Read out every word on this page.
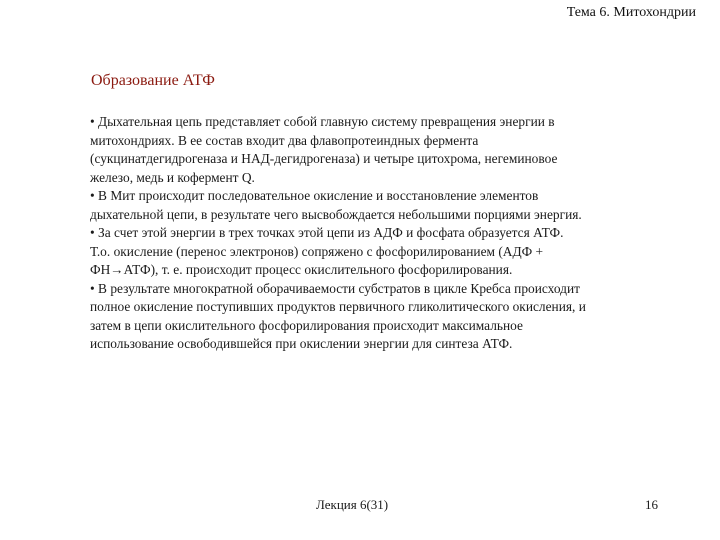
Тема 6. Митохондрии
Образование АТФ
• Дыхательная цепь представляет собой главную систему превращения энергии в
митохондриях. В ее состав входит два флавопротеиндных фермента
(сукцинатдегидрогеназа и НАД-дегидрогеназа) и четыре цитохрома, негеминовое
железо, медь и кофермент Q.
• В Мит происходит последовательное окисление и восстановление элементов
дыхательной цепи, в результате чего высвобождается небольшими порциями энергия.
• За счет этой энергии в трех точках этой цепи из АДФ и фосфата образуется АТФ.
Т.о. окисление (перенос электронов) сопряжено с фосфорилированием (АДФ +
ФН→АТФ), т. е. происходит процесс окислительного фосфорилирования.
• В результате многократной оборачиваемости субстратов в цикле Кребса происходит
полное окисление поступивших продуктов первичного гликолитического окисления, и
затем в цепи окислительного фосфорилирования происходит максимальное
использование освободившейся при окислении энергии для синтеза АТФ.
Лекция 6(31)	16
